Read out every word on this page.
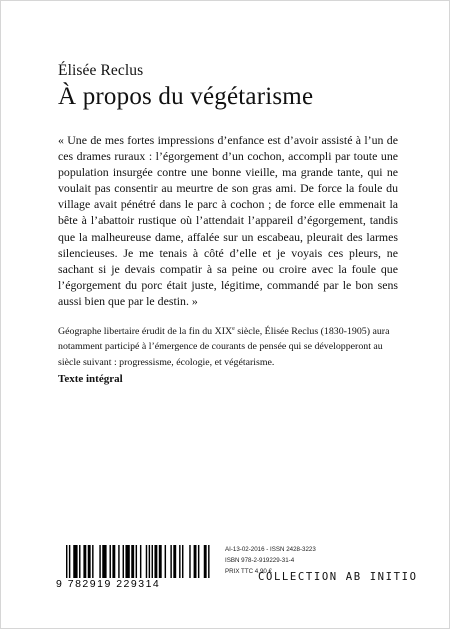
Élisée Reclus
À propos du végétarisme

« Une de mes fortes impressions d’enfance est d’avoir assisté à l’un de ces drames ruraux : l’égorgement d’un cochon, accompli par toute une population insurgée contre une bonne vieille, ma grande tante, qui ne voulait pas consentir au meurtre de son gras ami. De force la foule du village avait pénétré dans le parc à cochon ; de force elle emmenait la bête à l’abattoir rustique où l’attendait l’appareil d’égorgement, tandis que la malheureuse dame, affalée sur un escabeau, pleurait des larmes silencieuses. Je me tenais à côté d’elle et je voyais ces pleurs, ne sachant si je devais compatir à sa peine ou croire avec la foule que l’égorgement du porc était juste, légitime, commandé par le bon sens aussi bien que par le destin. »

Géographe libertaire érudit de la fin du XIXe siècle, Élisée Reclus (1830-1905) aura notamment participé à l’émergence de courants de pensée qui se développeront au siècle suivant : progressisme, écologie, et végétarisme.

Texte intégral
9 782919 229314
AI-13-02-2016 - ISSN 2428-3223
ISBN 978-2-919229-31-4
PRIX TTC 4,90 €
COLLECTION AB INITIO
